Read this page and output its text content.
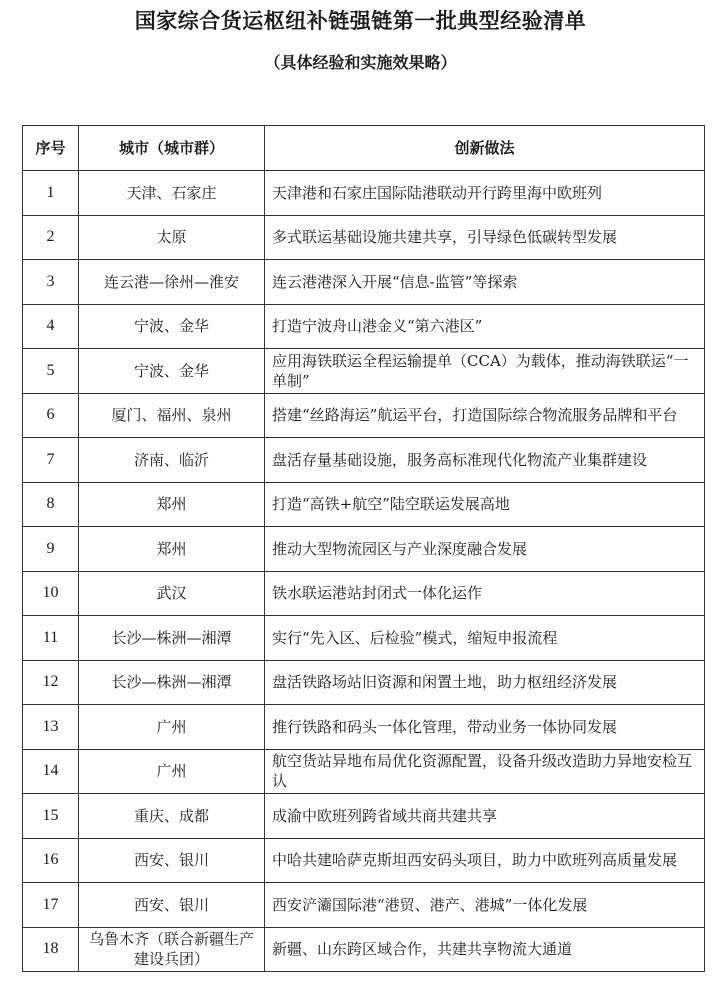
国家综合货运枢纽补链强链第一批典型经验清单
（具体经验和实施效果略）
序号	城市（城市群）	创新做法
1	天津、石家庄	天津港和石家庄国际陆港联动开行跨里海中欧班列
2	太原	多式联运基础设施共建共享，引导绿色低碳转型发展
3	连云港—徐州—淮安	连云港港深入开展“信息-监管”等探索
4	宁波、金华	打造宁波舟山港金义“第六港区”
5	宁波、金华	应用海铁联运全程运输提单（CCA）为载体，推动海铁联运“一单制”
6	厦门、福州、泉州	搭建“丝路海运”航运平台，打造国际综合物流服务品牌和平台
7	济南、临沂	盘活存量基础设施，服务高标准现代化物流产业集群建设
8	郑州	打造“高铁+航空”陆空联运发展高地
9	郑州	推动大型物流园区与产业深度融合发展
10	武汉	铁水联运港站封闭式一体化运作
11	长沙—株洲—湘潭	实行“先入区、后检验”模式，缩短申报流程
12	长沙—株洲—湘潭	盘活铁路场站旧资源和闲置土地，助力枢纽经济发展
13	广州	推行铁路和码头一体化管理，带动业务一体协同发展
14	广州	航空货站异地布局优化资源配置，设备升级改造助力异地安检互认
15	重庆、成都	成渝中欧班列跨省域共商共建共享
16	西安、银川	中哈共建哈萨克斯坦西安码头项目，助力中欧班列高质量发展
17	西安、银川	西安浐灞国际港“港贸、港产、港城”一体化发展
18	乌鲁木齐（联合新疆生产建设兵团）	新疆、山东跨区域合作，共建共享物流大通道
